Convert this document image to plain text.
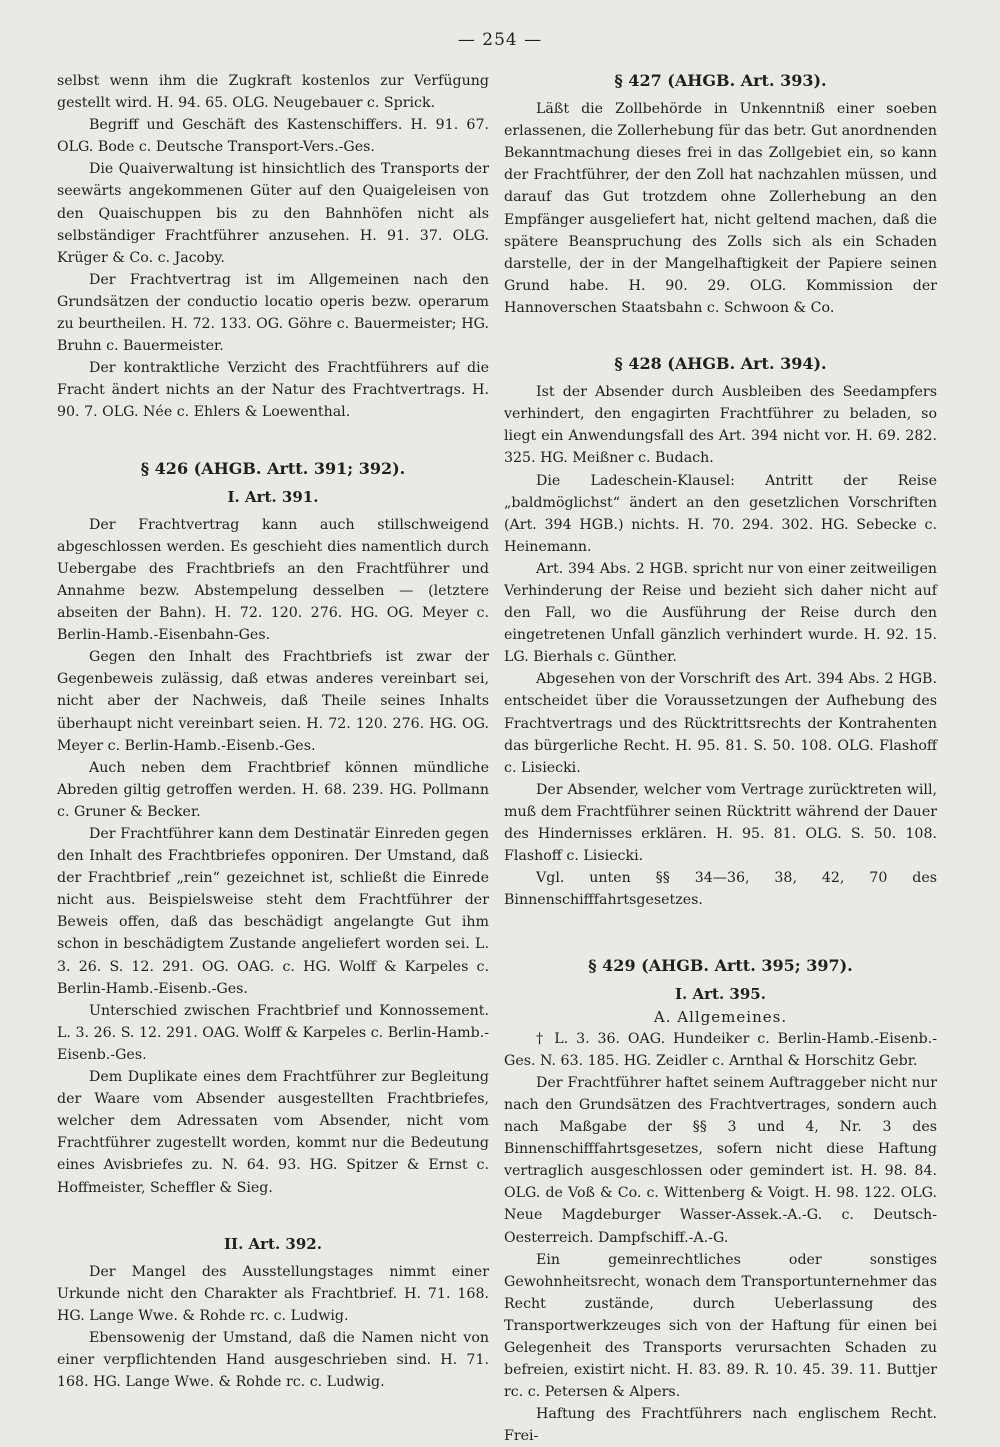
— 254 —

selbst wenn ihm die Zugkraft kostenlos zur Verfügung gestellt wird. H. 94. 65. OLG. Neugebauer c. Sprick.

Begriff und Geschäft des Kastenschiffers. H. 91. 67. OLG. Bode c. Deutsche Transport-Vers.-Ges.

Die Quaiverwaltung ist hinsichtlich des Transports der seewärts angekommenen Güter auf den Quaigeleisen von den Quaischuppen bis zu den Bahnhöfen nicht als selbständiger Frachtführer anzusehen. H. 91. 37. OLG. Krüger & Co. c. Jacoby.

Der Frachtvertrag ist im Allgemeinen nach den Grundsätzen der conductio locatio operis bezw. operarum zu beurtheilen. H. 72. 133. OG. Göhre c. Bauermeister; HG. Bruhn c. Bauermeister.

Der kontraktliche Verzicht des Frachtführers auf die Fracht ändert nichts an der Natur des Frachtvertrags. H. 90. 7. OLG. Née c. Ehlers & Loewenthal.

§ 426 (AHGB. Artt. 391; 392).

I. Art. 391.

Der Frachtvertrag kann auch stillschweigend abgeschlossen werden. Es geschieht dies namentlich durch Uebergabe des Frachtbriefs an den Frachtführer und Annahme bezw. Abstempelung desselben — (letztere abseiten der Bahn). H. 72. 120. 276. HG. OG. Meyer c. Berlin-Hamb.-Eisenbahn-Ges.

Gegen den Inhalt des Frachtbriefs ist zwar der Gegenbeweis zulässig, daß etwas anderes vereinbart sei, nicht aber der Nachweis, daß Theile seines Inhalts überhaupt nicht vereinbart seien. H. 72. 120. 276. HG. OG. Meyer c. Berlin-Hamb.-Eisenb.-Ges.

Auch neben dem Frachtbrief können mündliche Abreden giltig getroffen werden. H. 68. 239. HG. Pollmann c. Gruner & Becker.

Der Frachtführer kann dem Destinatär Einreden gegen den Inhalt des Frachtbriefes opponiren. Der Umstand, daß der Frachtbrief „rein“ gezeichnet ist, schließt die Einrede nicht aus. Beispielsweise steht dem Frachtführer der Beweis offen, daß das beschädigt angelangte Gut ihm schon in beschädigtem Zustande angeliefert worden sei. L. 3. 26. S. 12. 291. OG. OAG. c. HG. Wolff & Karpeles c. Berlin-Hamb.-Eisenb.-Ges.

Unterschied zwischen Frachtbrief und Konnossement. L. 3. 26. S. 12. 291. OAG. Wolff & Karpeles c. Berlin-Hamb.-Eisenb.-Ges.

Dem Duplikate eines dem Frachtführer zur Begleitung der Waare vom Absender ausgestellten Frachtbriefes, welcher dem Adressaten vom Absender, nicht vom Frachtführer zugestellt worden, kommt nur die Bedeutung eines Avisbriefes zu. N. 64. 93. HG. Spitzer & Ernst c. Hoffmeister, Scheffler & Sieg.

II. Art. 392.

Der Mangel des Ausstellungstages nimmt einer Urkunde nicht den Charakter als Frachtbrief. H. 71. 168. HG. Lange Wwe. & Rohde rc. c. Ludwig.

Ebensowenig der Umstand, daß die Namen nicht von einer verpflichtenden Hand ausgeschrieben sind. H. 71. 168. HG. Lange Wwe. & Rohde rc. c. Ludwig.

§ 427 (AHGB. Art. 393).

Läßt die Zollbehörde in Unkenntniß einer soeben erlassenen, die Zollerhebung für das betr. Gut anordnenden Bekanntmachung dieses frei in das Zollgebiet ein, so kann der Frachtführer, der den Zoll hat nachzahlen müssen, und darauf das Gut trotzdem ohne Zollerhebung an den Empfänger ausgeliefert hat, nicht geltend machen, daß die spätere Beanspruchung des Zolls sich als ein Schaden darstelle, der in der Mangelhaftigkeit der Papiere seinen Grund habe. H. 90. 29. OLG. Kommission der Hannoverschen Staatsbahn c. Schwoon & Co.

§ 428 (AHGB. Art. 394).

Ist der Absender durch Ausbleiben des Seedampfers verhindert, den engagirten Frachtführer zu beladen, so liegt ein Anwendungsfall des Art. 394 nicht vor. H. 69. 282. 325. HG. Meißner c. Budach.

Die Ladeschein-Klausel: Antritt der Reise „baldmöglichst“ ändert an den gesetzlichen Vorschriften (Art. 394 HGB.) nichts. H. 70. 294. 302. HG. Sebecke c. Heinemann.

Art. 394 Abs. 2 HGB. spricht nur von einer zeitweiligen Verhinderung der Reise und bezieht sich daher nicht auf den Fall, wo die Ausführung der Reise durch den eingetretenen Unfall gänzlich verhindert wurde. H. 92. 15. LG. Bierhals c. Günther.

Abgesehen von der Vorschrift des Art. 394 Abs. 2 HGB. entscheidet über die Voraussetzungen der Aufhebung des Frachtvertrags und des Rücktrittsrechts der Kontrahenten das bürgerliche Recht. H. 95. 81. S. 50. 108. OLG. Flashoff c. Lisiecki.

Der Absender, welcher vom Vertrage zurücktreten will, muß dem Frachtführer seinen Rücktritt während der Dauer des Hindernisses erklären. H. 95. 81. OLG. S. 50. 108. Flashoff c. Lisiecki.

Vgl. unten §§ 34—36, 38, 42, 70 des Binnenschifffahrtsgesetzes.

§ 429 (AHGB. Artt. 395; 397).

I. Art. 395.

A. Allgemeines.

† L. 3. 36. OAG. Hundeiker c. Berlin-Hamb.-Eisenb.-Ges. N. 63. 185. HG. Zeidler c. Arnthal & Horschitz Gebr.

Der Frachtführer haftet seinem Auftraggeber nicht nur nach den Grundsätzen des Frachtvertrages, sondern auch nach Maßgabe der §§ 3 und 4, Nr. 3 des Binnenschifffahrtsgesetzes, sofern nicht diese Haftung vertraglich ausgeschlossen oder gemindert ist. H. 98. 84. OLG. de Voß & Co. c. Wittenberg & Voigt. H. 98. 122. OLG. Neue Magdeburger Wasser-Assek.-A.-G. c. Deutsch-Oesterreich. Dampfschiff.-A.-G.

Ein gemeinrechtliches oder sonstiges Gewohnheitsrecht, wonach dem Transportunternehmer das Recht zustände, durch Ueberlassung des Transportwerkzeuges sich von der Haftung für einen bei Gelegenheit des Transports verursachten Schaden zu befreien, existirt nicht. H. 83. 89. R. 10. 45. 39. 11. Buttjer rc. c. Petersen & Alpers.

Haftung des Frachtführers nach englischem Recht. Frei-
